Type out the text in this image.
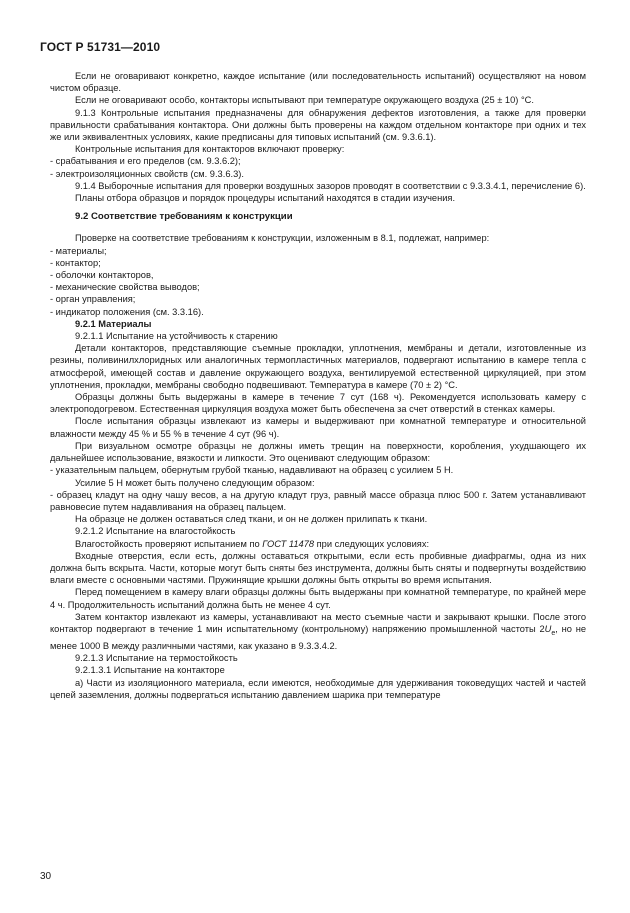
ГОСТ Р 51731—2010

Если не оговаривают конкретно, каждое испытание (или последовательность испытаний) осуществляют на новом чистом образце.

Если не оговаривают особо, контакторы испытывают при температуре окружающего воздуха (25 ± 10) °С.

9.1.3 Контрольные испытания предназначены для обнаружения дефектов изготовления, а также для проверки правильности срабатывания контактора. Они должны быть проверены на каждом отдельном контакторе при одних и тех же или эквивалентных условиях, какие предписаны для типовых испытаний (см. 9.3.6.1).

Контрольные испытания для контакторов включают проверку:

- срабатывания и его пределов (см. 9.3.6.2);

- электроизоляционных свойств (см. 9.3.6.3).

9.1.4 Выборочные испытания для проверки воздушных зазоров проводят в соответствии с 9.3.3.4.1, перечисление 6).

Планы отбора образцов и порядок процедуры испытаний находятся в стадии изучения.

9.2 Соответствие требованиям к конструкции

Проверке на соответствие требованиям к конструкции, изложенным в 8.1, подлежат, например:

- материалы;

- контактор;

- оболочки контакторов,

- механические свойства выводов;

- орган управления;

- индикатор положения (см. 3.3.16).

9.2.1 Материалы

9.2.1.1 Испытание на устойчивость к старению

Детали контакторов, представляющие съемные прокладки, уплотнения, мембраны и детали, изготовленные из резины, поливинилхлоридных или аналогичных термопластичных материалов, подвергают испытанию в камере тепла с атмосферой, имеющей состав и давление окружающего воздуха, вентилируемой естественной циркуляцией, при этом уплотнения, прокладки, мембраны свободно подвешивают. Температура в камере (70 ± 2) °С.

Образцы должны быть выдержаны в камере в течение 7 сут (168 ч). Рекомендуется использовать камеру с электроподогревом. Естественная циркуляция воздуха может быть обеспечена за счет отверстий в стенках камеры.

После испытания образцы извлекают из камеры и выдерживают при комнатной температуре и относительной влажности между 45 % и 55 % в течение 4 сут (96 ч).

При визуальном осмотре образцы не должны иметь трещин на поверхности, коробления, ухудшающего их дальнейшее использование, вязкости и липкости. Это оценивают следующим образом:

- указательным пальцем, обернутым грубой тканью, надавливают на образец с усилием 5 Н.

Усилие 5 Н может быть получено следующим образом:

- образец кладут на одну чашу весов, а на другую кладут груз, равный массе образца плюс 500 г. Затем устанавливают равновесие путем надавливания на образец пальцем.

На образце не должен оставаться след ткани, и он не должен прилипать к ткани.

9.2.1.2 Испытание на влагостойкость

Влагостойкость проверяют испытанием по ГОСТ 11478 при следующих условиях:

Входные отверстия, если есть, должны оставаться открытыми, если есть пробивные диафрагмы, одна из них должна быть вскрыта. Части, которые могут быть сняты без инструмента, должны быть сняты и подвергнуты воздействию влаги вместе с основными частями. Пружинящие крышки должны быть открыты во время испытания.

Перед помещением в камеру влаги образцы должны быть выдержаны при комнатной температуре, по крайней мере 4 ч. Продолжительность испытаний должна быть не менее 4 сут.

Затем контактор извлекают из камеры, устанавливают на место съемные части и закрывают крышки. После этого контактор подвергают в течение 1 мин испытательному (контрольному) напряжению промышленной частоты $2U_e$, но не менее 1000 В между различными частями, как указано в 9.3.3.4.2.

9.2.1.3 Испытание на термостойкость

9.2.1.3.1 Испытание на контакторе

а) Части из изоляционного материала, если имеются, необходимые для удерживания токоведущих частей и частей цепей заземления, должны подвергаться испытанию давлением шарика при температуре

30
